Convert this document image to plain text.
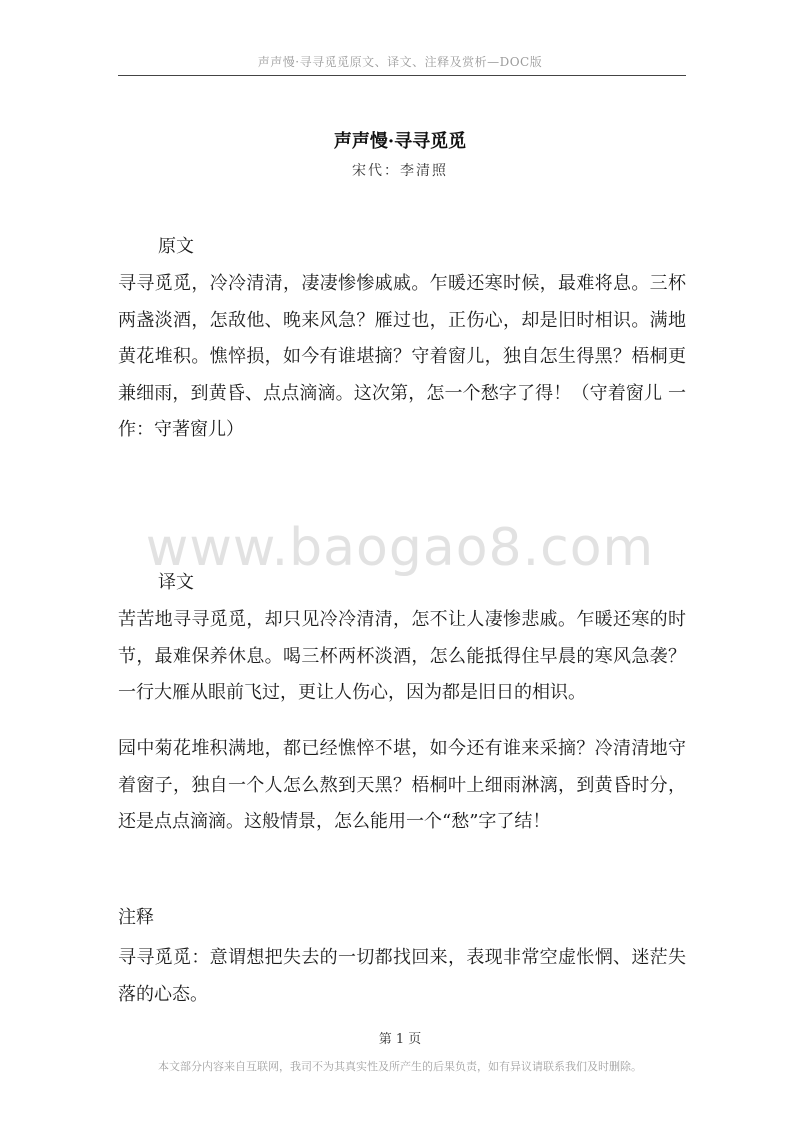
声声慢·寻寻觅觅原文、译文、注释及赏析—DOC版
声声慢·寻寻觅觅
宋代：李清照
原文
寻寻觅觅，冷冷清清，凄凄惨惨戚戚。乍暖还寒时候，最难将息。三杯两盏淡酒，怎敌他、晚来风急？雁过也，正伤心，却是旧时相识。满地黄花堆积。憔悴损，如今有谁堪摘？守着窗儿，独自怎生得黑？梧桐更兼细雨，到黄昏、点点滴滴。这次第，怎一个愁字了得！（守着窗儿 一作：守著窗儿）
www.baogao8.com
译文
苦苦地寻寻觅觅，却只见冷冷清清，怎不让人凄惨悲戚。乍暖还寒的时节，最难保养休息。喝三杯两杯淡酒，怎么能抵得住早晨的寒风急袭？一行大雁从眼前飞过，更让人伤心，因为都是旧日的相识。
园中菊花堆积满地，都已经憔悴不堪，如今还有谁来采摘？冷清清地守着窗子，独自一个人怎么熬到天黑？梧桐叶上细雨淋漓，到黄昏时分，还是点点滴滴。这般情景，怎么能用一个“愁”字了结！
注释
寻寻觅觅：意谓想把失去的一切都找回来，表现非常空虚怅惘、迷茫失落的心态。
第 1 页
本文部分内容来自互联网，我司不为其真实性及所产生的后果负责，如有异议请联系我们及时删除。
